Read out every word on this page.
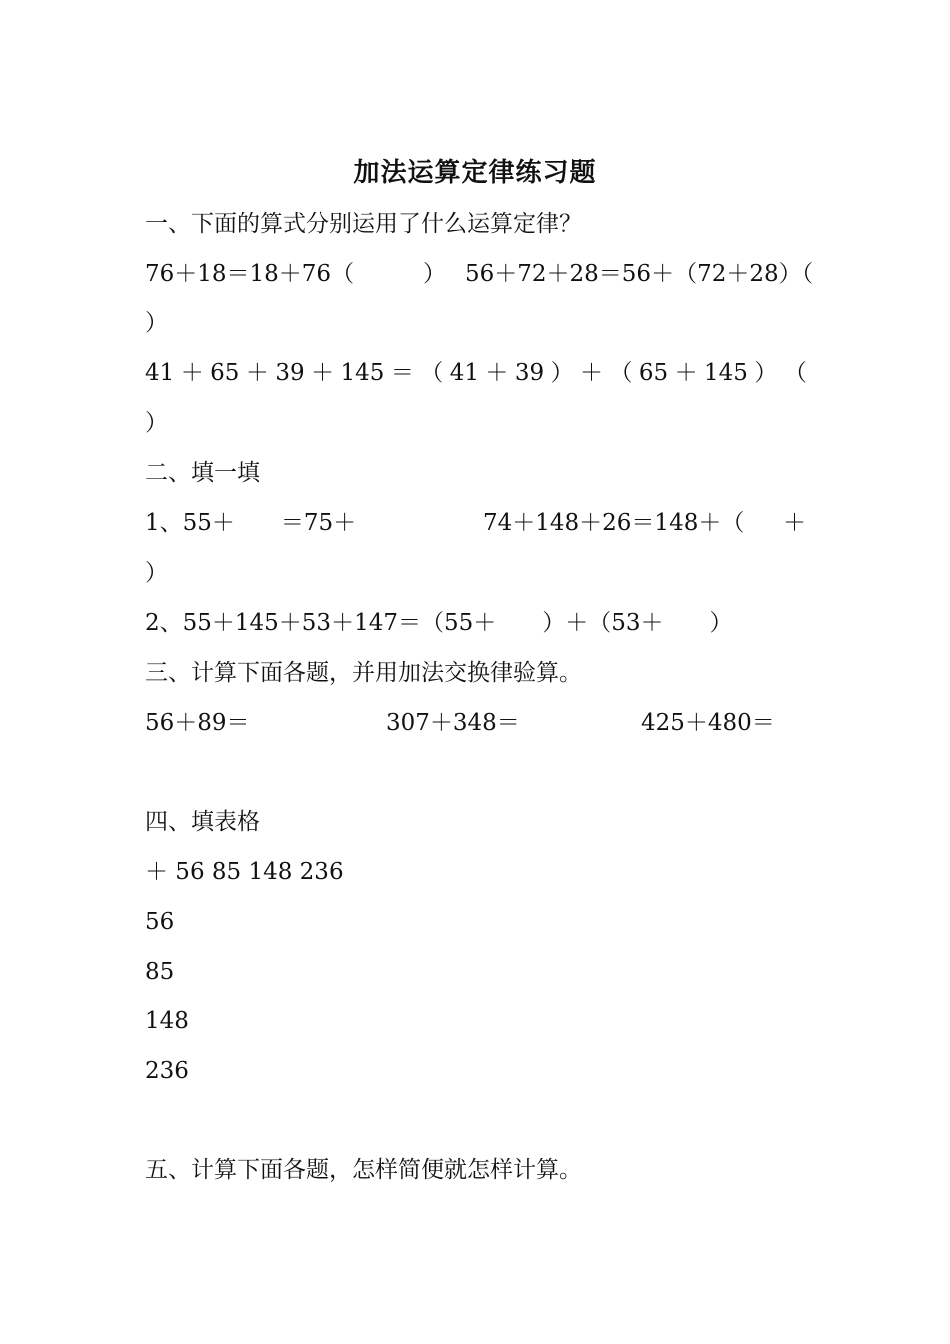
加法运算定律练习题
一、下面的算式分别运用了什么运算定律？
76＋18＝18＋76（	） 56＋72＋28＝56＋（72＋28）（
）
41 ＋ 65 ＋ 39 ＋ 145 ＝ （ 41 ＋ 39 ） ＋ （ 65 ＋ 145 ） （
）
二、填一填
1、55＋　　＝75＋	74＋148＋26＝148＋（ ＋
）
2、55＋145＋53＋147＝（55＋　　）＋（53＋　　）
三、计算下面各题，并用加法交换律验算。
56＋89＝	307＋348＝	425＋480＝
四、填表格
＋ 56 85 148 236
56
85
148
236
五、计算下面各题，怎样简便就怎样计算。
